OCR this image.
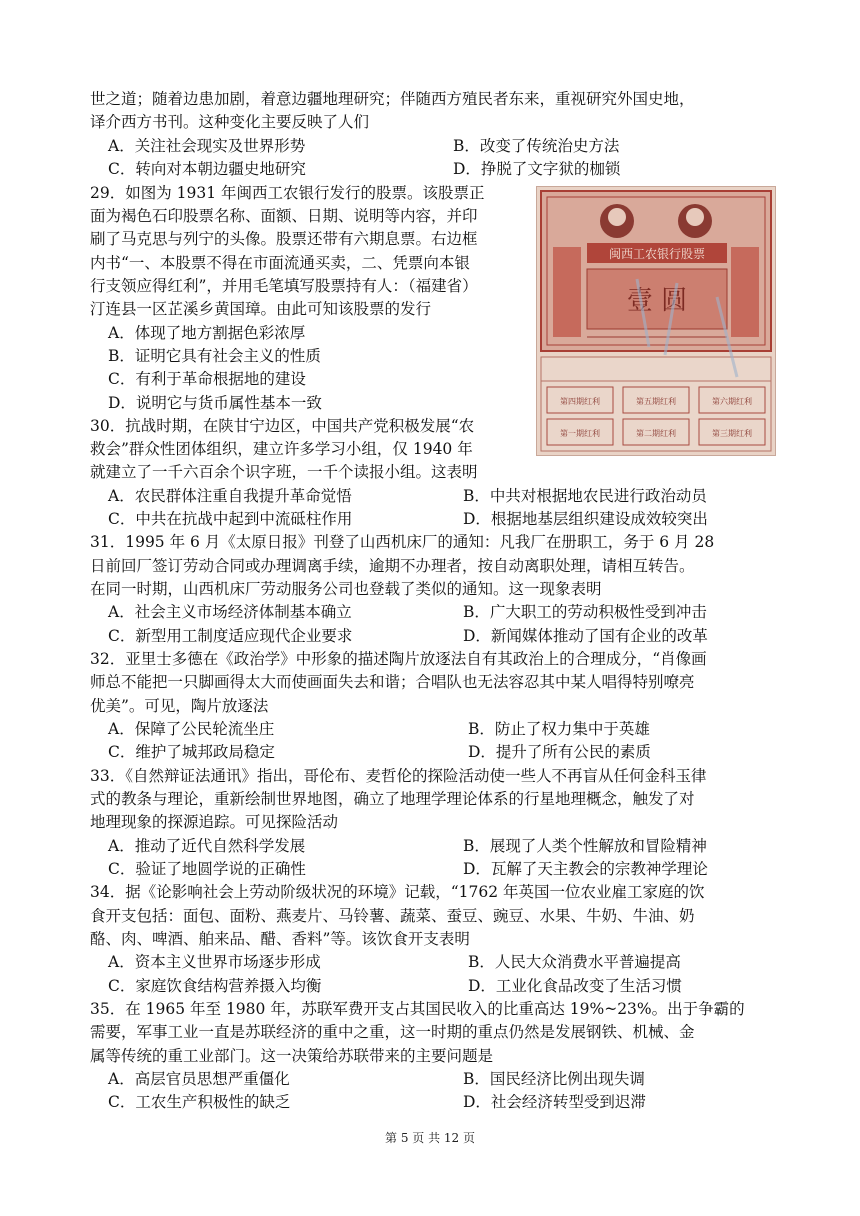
世之道；随着边患加剧，着意边疆地理研究；伴随西方殖民者东来，重视研究外国史地，
译介西方书刊。这种变化主要反映了人们
A．关注社会现实及世界形势	B．改变了传统治史方法
C．转向对本朝边疆史地研究	D．挣脱了文字狱的枷锁
29．如图为 1931 年闽西工农银行发行的股票。该股票正
面为褐色石印股票名称、面额、日期、说明等内容，并印
刷了马克思与列宁的头像。股票还带有六期息票。右边框
内书“一、本股票不得在市面流通买卖，二、凭票向本银
行支领应得红利”，并用毛笔填写股票持有人：（福建省）
汀连县一区芷溪乡黄国璋。由此可知该股票的发行
A．体现了地方割据色彩浓厚
B．证明它具有社会主义的性质
C．有利于革命根据地的建设
D．说明它与货币属性基本一致
闽西工农银行股票
壹 圆
第四期红利	第五期红利	第六期红利
第一期红利	第二期红利	第三期红利
30．抗战时期，在陕甘宁边区，中国共产党积极发展“农
救会”群众性团体组织，建立许多学习小组，仅 1940 年
就建立了一千六百余个识字班，一千个读报小组。这表明
A．农民群体注重自我提升革命觉悟	B．中共对根据地农民进行政治动员
C．中共在抗战中起到中流砥柱作用	D．根据地基层组织建设成效较突出
31．1995 年 6 月《太原日报》刊登了山西机床厂的通知：凡我厂在册职工，务于 6 月 28
日前回厂签订劳动合同或办理调离手续，逾期不办理者，按自动离职处理，请相互转告。
在同一时期，山西机床厂劳动服务公司也登载了类似的通知。这一现象表明
A．社会主义市场经济体制基本确立	B．广大职工的劳动积极性受到冲击
C．新型用工制度适应现代企业要求	D．新闻媒体推动了国有企业的改革
32．亚里士多德在《政治学》中形象的描述陶片放逐法自有其政治上的合理成分，“肖像画
师总不能把一只脚画得太大而使画面失去和谐；合唱队也无法容忍其中某人唱得特别嘹亮
优美”。可见，陶片放逐法
A．保障了公民轮流坐庄	B．防止了权力集中于英雄
C．维护了城邦政局稳定	D．提升了所有公民的素质
33．《自然辩证法通讯》指出，哥伦布、麦哲伦的探险活动使一些人不再盲从任何金科玉律
式的教条与理论，重新绘制世界地图，确立了地理学理论体系的行星地理概念，触发了对
地理现象的探源追踪。可见探险活动
A．推动了近代自然科学发展	B．展现了人类个性解放和冒险精神
C．验证了地圆学说的正确性	D．瓦解了天主教会的宗教神学理论
34．据《论影响社会上劳动阶级状况的环境》记载，“1762 年英国一位农业雇工家庭的饮
食开支包括：面包、面粉、燕麦片、马铃薯、蔬菜、蚕豆、豌豆、水果、牛奶、牛油、奶
酪、肉、啤酒、舶来品、醋、香料”等。该饮食开支表明
A．资本主义世界市场逐步形成	B．人民大众消费水平普遍提高
C．家庭饮食结构营养摄入均衡	D．工业化食品改变了生活习惯
35．在 1965 年至 1980 年，苏联军费开支占其国民收入的比重高达 19%~23%。出于争霸的
需要，军事工业一直是苏联经济的重中之重，这一时期的重点仍然是发展钢铁、机械、金
属等传统的重工业部门。这一决策给苏联带来的主要问题是
A．高层官员思想严重僵化	B．国民经济比例出现失调
C．工农生产积极性的缺乏	D．社会经济转型受到迟滞
第 5 页 共 12 页
